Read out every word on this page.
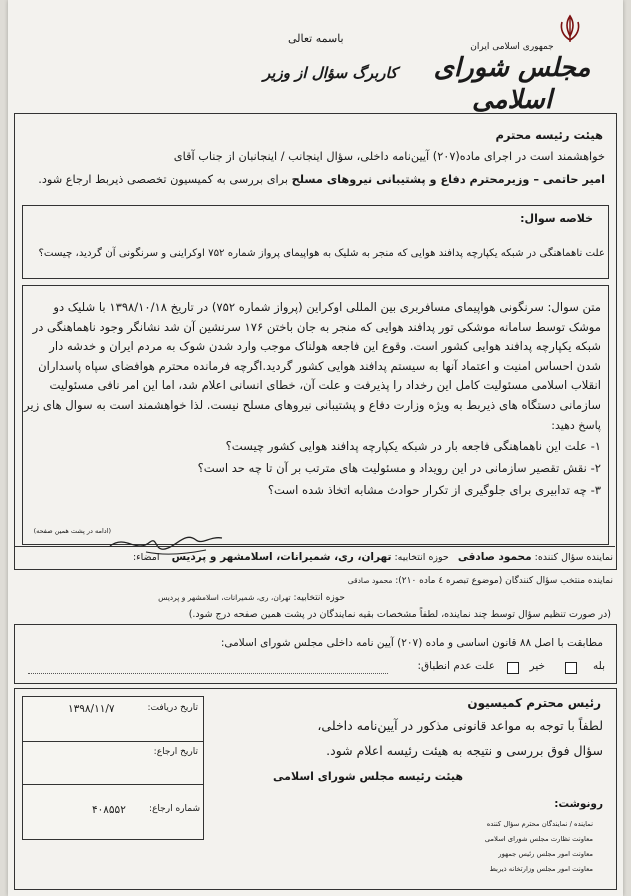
باسمه تعالی
کاربرگ سؤال از وزیر
جمهوری اسلامی ایران
مجلس شورای اسلامی
هیئت رئیسه محترم
خواهشمند است در اجرای ماده(۲۰۷) آیین‌نامه داخلی، سؤال اینجانب / اینجانبان از جناب آقای
امیر حاتمی – وزیرمحترم دفاع و پشتیبانی نیروهای مسلح برای بررسی به کمیسیون تخصصی ذیربط ارجاع شود.
خلاصه سوال:
علت ناهماهنگی در شبکه یکپارچه پدافند هوایی که منجر به شلیک به هواپیمای پرواز شماره ۷۵۲ اوکراینی و سرنگونی آن گردید، چیست؟

متن سوال: سرنگونی هواپیمای مسافربری بین المللی اوکراین (پرواز شماره ۷۵۲) در تاریخ ۱۳۹۸/۱۰/۱۸ با شلیک دو

موشک توسط سامانه موشکی تور پدافند هوایی که منجر به جان باختن ۱۷۶ سرنشین آن شد نشانگر وجود ناهماهنگی در

شبکه یکپارچه پدافند هوایی کشور است. وقوع این فاجعه هولناک موجب وارد شدن شوک به مردم ایران و خدشه دار

شدن احساس امنیت و اعتماد آنها به سیستم پدافند هوایی کشور گردید.اگرچه فرمانده محترم هوافضای سپاه پاسداران

انقلاب اسلامی مسئولیت کامل این رخداد را پذیرفت و علت آن، خطای انسانی اعلام شد، اما این امر نافی مسئولیت

سازمانی دستگاه های ذیربط به ویژه وزارت دفاع و پشتیبانی نیروهای مسلح نیست. لذا خواهشمند است به سوال های زیر

پاسخ دهید:

۱- علت این ناهماهنگی فاجعه بار در شبکه یکپارچه پدافند هوایی کشور چیست؟

۲- نقش تقصیر سازمانی در این رویداد و مسئولیت های مترتب بر آن تا چه حد است؟

۳- چه تدابیری برای جلوگیری از تکرار حوادث مشابه اتخاذ شده است؟

(ادامه در پشت همین صفحه)
نماینده سؤال کننده: محمود صادقی   حوزه انتخابیه: تهران، ری، شمیرانات، اسلامشهر و پردیس    امضاء:
نماینده منتخب سؤال کنندگان (موضوع تبصره ٤ ماده ٢١٠): محمود صادقی
حوزه انتخابیه: تهران، ری، شمیرانات، اسلامشهر و پردیس
(در صورت تنظیم سؤال توسط چند نماینده، لطفاً مشخصات بقیه نمایندگان در پشت همین صفحه درج شود.)
مطابقت با اصل ۸۸ قانون اساسی و ماده (۲۰۷) آیین نامه داخلی مجلس شورای اسلامی:
بله
خیر
علت عدم انطباق:
رئیس محترم کمیسیون
لطفاً با توجه به مواعد قانونی مذکور در آیین‌نامه داخلی،
سؤال فوق بررسی و نتیجه به هیئت رئیسه اعلام شود.
هیئت رئیسه مجلس شورای اسلامی
تاریخ دریافت:
۱۳۹۸/۱۱/۷
تاریخ ارجاع:
شماره ارجاع:
۴۰۸۵۵۲	رونوشت:
نماینده / نمایندگان محترم سؤال کننده
معاونت نظارت مجلس شورای اسلامی
معاونت امور مجلس رئیس جمهور
معاونت امور مجلس وزارتخانه ذیربط
